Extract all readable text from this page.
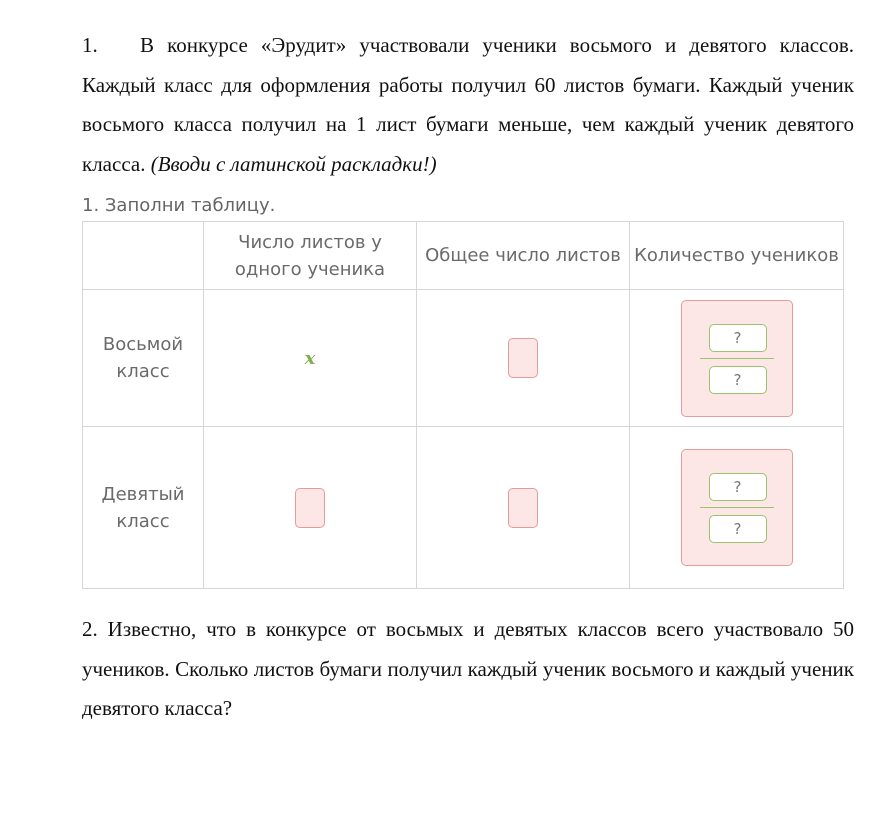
1. В конкурсе «Эрудит» участвовали ученики восьмого и девятого классов. Каждый класс для оформления работы получил 60 листов бумаги. Каждый ученик восьмого класса получил на 1 лист бумаги меньше, чем каждый ученик девятого класса. (Вводи с латинской раскладки!)
1. Заполни таблицу.
	Число листов у одного ученика	Общее число листов	Количество учеников
Восьмой класс	x		$\frac{?}{?}$

Девятый класс			$\frac{?}{?}$
2. Известно, что в конкурсе от восьмых и девятых классов всего участвовало 50 учеников. Сколько листов бумаги получил каждый ученик восьмого и каждый ученик девятого класса?
